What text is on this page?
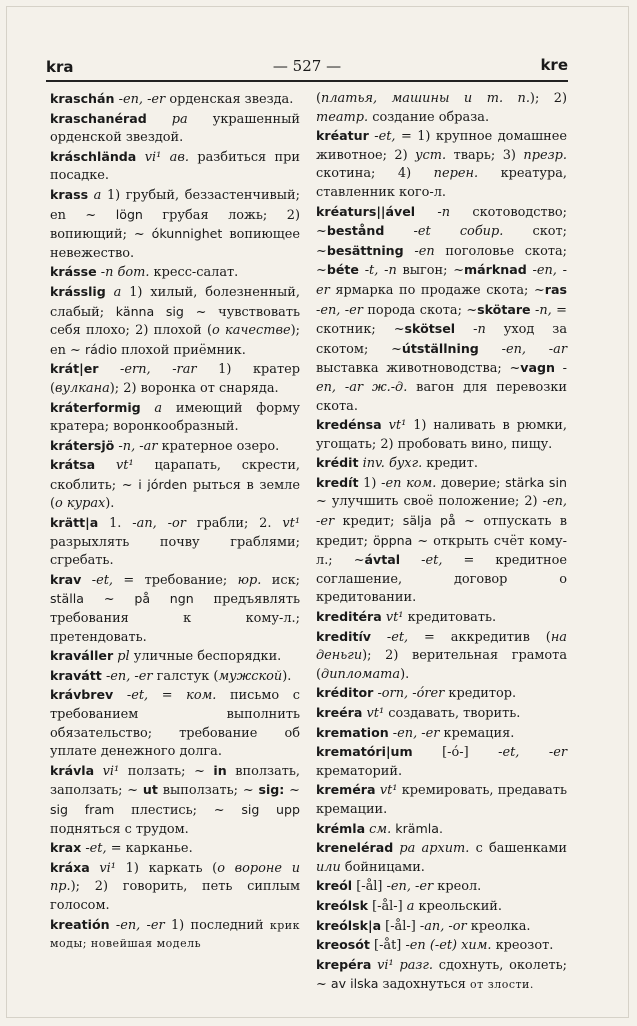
kra	— 527 —	kre

kraschán -en, -er орденская звезда.

kraschanérad pa украшенный орденской звездой.

kráschlända vi¹ ав. разбиться при посадке.

krass a 1) грубый, беззастенчивый; en ~ lögn грубая ложь; 2) вопиющий; ~ ókunnighet вопиющее невежество.

krásse -n бот. кресс-салат.

krásslig a 1) хилый, болезненный, слабый; känna sig ~ чувствовать себя плохо; 2) плохой (о качестве); en ~ rádio плохой приёмник.

krát|er -ern, -rar 1) кратер (вулкана); 2) воронка от снаряда.

kráterformig a имеющий форму кратера; воронкообразный.

krátersjö -n, -ar кратерное озеро.

krátsa vt¹ царапать, скрести, скоблить; ~ i jórden рыться в земле (о курах).

krätt|a 1. -an, -or грабли; 2. vt¹ разрыхлять почву граблями; сгребать.

krav -et, = требование; юр. иск; ställa ~ på ngn предъявлять требования к кому-л.; претендовать.

kraváller pl уличные беспорядки.

kravátt -en, -er галстук (мужской).

krávbrev -et, = ком. письмо с требованием выполнить обязательство; требование об уплате денежного долга.

krávla vi¹ ползать; ~ in вползать, заползать; ~ ut выползать; ~ sig: ~ sig fram плестись; ~ sig upp подняться с трудом.

krax -et, = карканье.

kráxa vi¹ 1) каркать (о вороне и пр.); 2) говорить, петь сиплым голосом.

kreatión -en, -er 1) последний крик моды; новейшая модель

(платья, машины и т. п.); 2) театр. создание образа.

kréatur -et, = 1) крупное домашнее животное; 2) уст. тварь; 3) презр. скотина; 4) перен. креатура, ставленник кого-л.

kréaturs||ável -n скотоводство; ~bestånd -et собир. скот; ~besättning -en поголовье скота; ~béte -t, -n выгон; ~márknad -en, -er ярмарка по продаже скота; ~ras -en, -er порода скота; ~skötare -n, = скотник; ~skötsel -n уход за скотом; ~útställning -en, -ar выставка животноводства; ~vagn -en, -ar ж.-д. вагон для перевозки скота.

kredénsa vt¹ 1) наливать в рюмки, угощать; 2) пробовать вино, пищу.

krédit inv. бухг. кредит.

kredít 1) -en ком. доверие; stärka sin ~ улучшить своё положение; 2) -en, -er кредит; sälja på ~ отпускать в кредит; öppna ~ открыть счёт кому-л.; ~ávtal -et, = кредитное соглашение, договор о кредитовании.

kreditéra vt¹ кредитовать.

kreditív -et, = аккредитив (на деньги); 2) верительная грамота (дипломата).

kréditor -orn, -órer кредитор.

kreéra vt¹ создавать, творить.

kremation -en, -er кремация.

krematóri|um [-ó-] -et, -er крематорий.

kreméra vt¹ кремировать, предавать кремации.

krémla см. krämla.

krenelérad pa архит. с башенками или бойницами.

kreól [-ål] -en, -er креол.

kreólsk [-ål-] a креольский.

kreólsk|a [-ål-] -an, -or креолка.

kreosót [-åt] -en (-et) хим. креозот.

krepéra vi¹ разг. сдохнуть, околеть; ~ av ilska задохнуться от злости.
